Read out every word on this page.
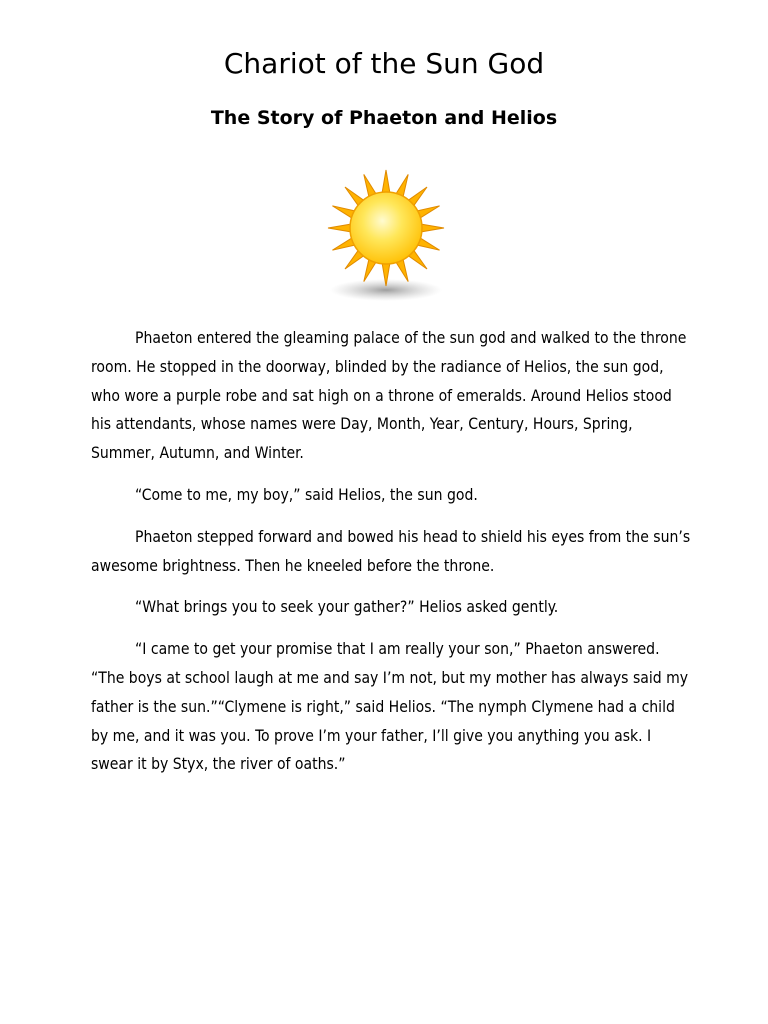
Chariot of the Sun God
The Story of Phaeton and Helios

Phaeton entered the gleaming palace of the sun god and walked to the throne room. He stopped in the doorway, blinded by the radiance of Helios, the sun god, who wore a purple robe and sat high on a throne of emeralds. Around Helios stood his attendants, whose names were Day, Month, Year, Century, Hours, Spring, Summer, Autumn, and Winter.

“Come to me, my boy,” said Helios, the sun god.

Phaeton stepped forward and bowed his head to shield his eyes from the sun’s awesome brightness. Then he kneeled before the throne.

“What brings you to seek your gather?” Helios asked gently.

“I came to get your promise that I am really your son,” Phaeton answered. “The boys at school laugh at me and say I’m not, but my mother has always said my father is the sun.”“Clymene is right,” said Helios. “The nymph Clymene had a child by me, and it was you. To prove I’m your father, I’ll give you anything you ask. I swear it by Styx, the river of oaths.”
